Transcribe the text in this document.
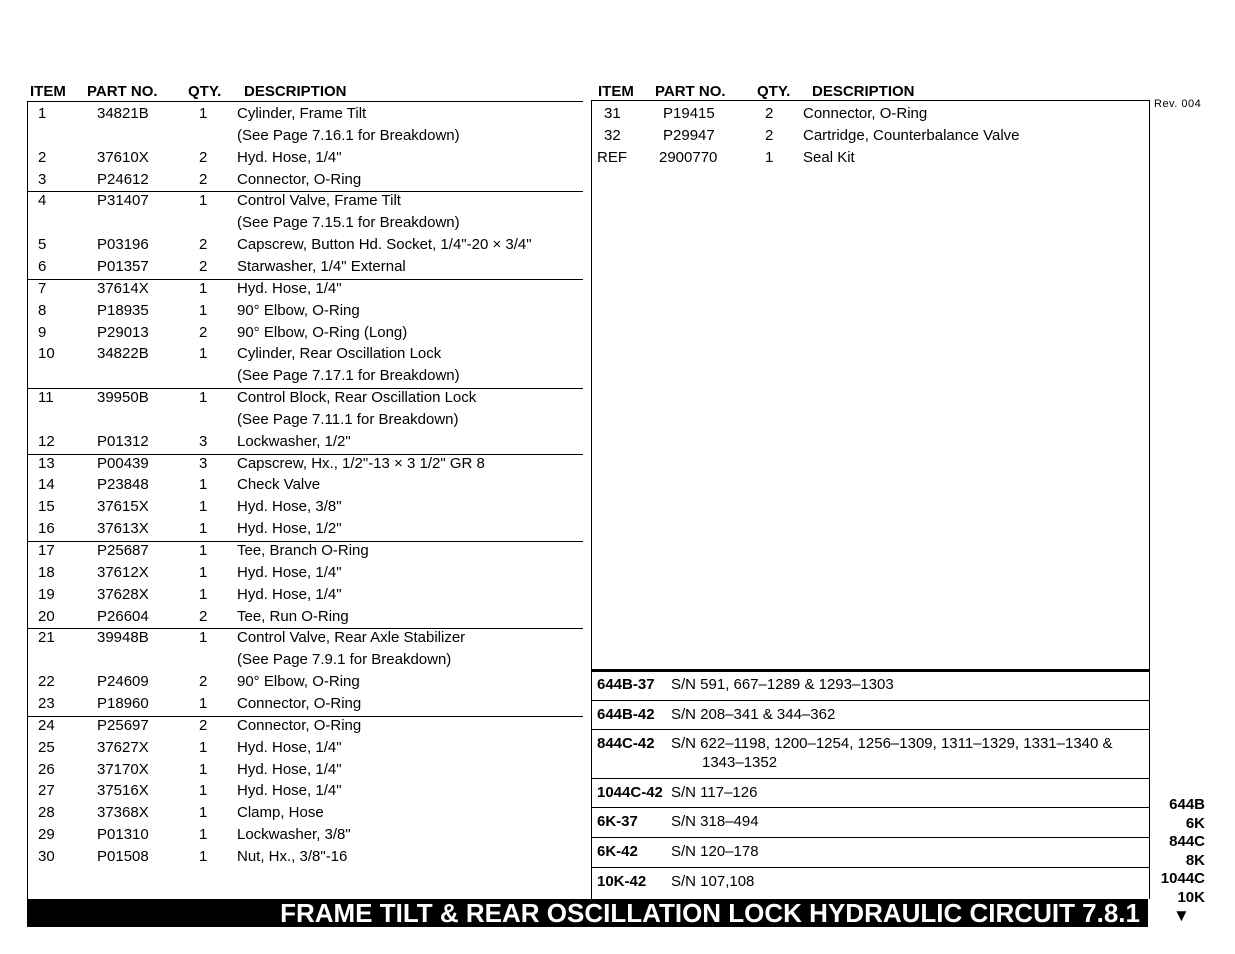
ITEM PART NO. QTY. DESCRIPTION	ITEM PART NO. QTY. DESCRIPTION
Rev. 004
1	34821B	1 Cylinder, Frame Tilt
(See Page 7.16.1 for Breakdown)
2	37610X	2 Hyd. Hose, 1/4"
3	P24612	2 Connector, O-Ring
4	P31407	1 Control Valve, Frame Tilt
(See Page 7.15.1 for Breakdown)
5	P03196	2 Capscrew, Button Hd. Socket, 1/4"-20 × 3/4"
6	P01357	2 Starwasher, 1/4" External
7	37614X	1 Hyd. Hose, 1/4"
8	P18935	1 90° Elbow, O-Ring
9	P29013	2 90° Elbow, O-Ring (Long)
10	34822B	1 Cylinder, Rear Oscillation Lock
(See Page 7.17.1 for Breakdown)
11	39950B	1 Control Block, Rear Oscillation Lock
(See Page 7.11.1 for Breakdown)
12	P01312	3 Lockwasher, 1/2"
13	P00439	3 Capscrew, Hx., 1/2"-13 × 3 1/2" GR 8
14	P23848	1 Check Valve
15	37615X	1 Hyd. Hose, 3/8"
16	37613X	1 Hyd. Hose, 1/2"
17	P25687	1 Tee, Branch O-Ring
18	37612X	1 Hyd. Hose, 1/4"
19	37628X	1 Hyd. Hose, 1/4"
20	P26604	2 Tee, Run O-Ring
21	39948B	1 Control Valve, Rear Axle Stabilizer
(See Page 7.9.1 for Breakdown)
22	P24609	2 90° Elbow, O-Ring
23	P18960	1 Connector, O-Ring
24	P25697	2 Connector, O-Ring
25	37627X	1 Hyd. Hose, 1/4"
26	37170X	1 Hyd. Hose, 1/4"
27	37516X	1 Hyd. Hose, 1/4"
28	37368X	1 Clamp, Hose
29	P01310	1 Lockwasher, 3/8"
30	P01508	1 Nut, Hx., 3/8"-16
31	P19415	2 Connector, O-Ring
32	P29947	2 Cartridge, Counterbalance Valve
REF 2900770	1 Seal Kit
644B-37 S/N 591, 667–1289 & 1293–1303
644B-42 S/N 208–341 & 344–362
844C-42 S/N 622–1198, 1200–1254, 1256–1309, 1311–1329, 1331–1340 &
1343–1352
1044C-42 S/N 117–126
6K-37 S/N 318–494
6K-42 S/N 120–178
10K-42 S/N 107,108
644B
6K
844C
8K
1044C
10K
▼
FRAME TILT & REAR OSCILLATION LOCK HYDRAULIC CIRCUIT 7.8.1
